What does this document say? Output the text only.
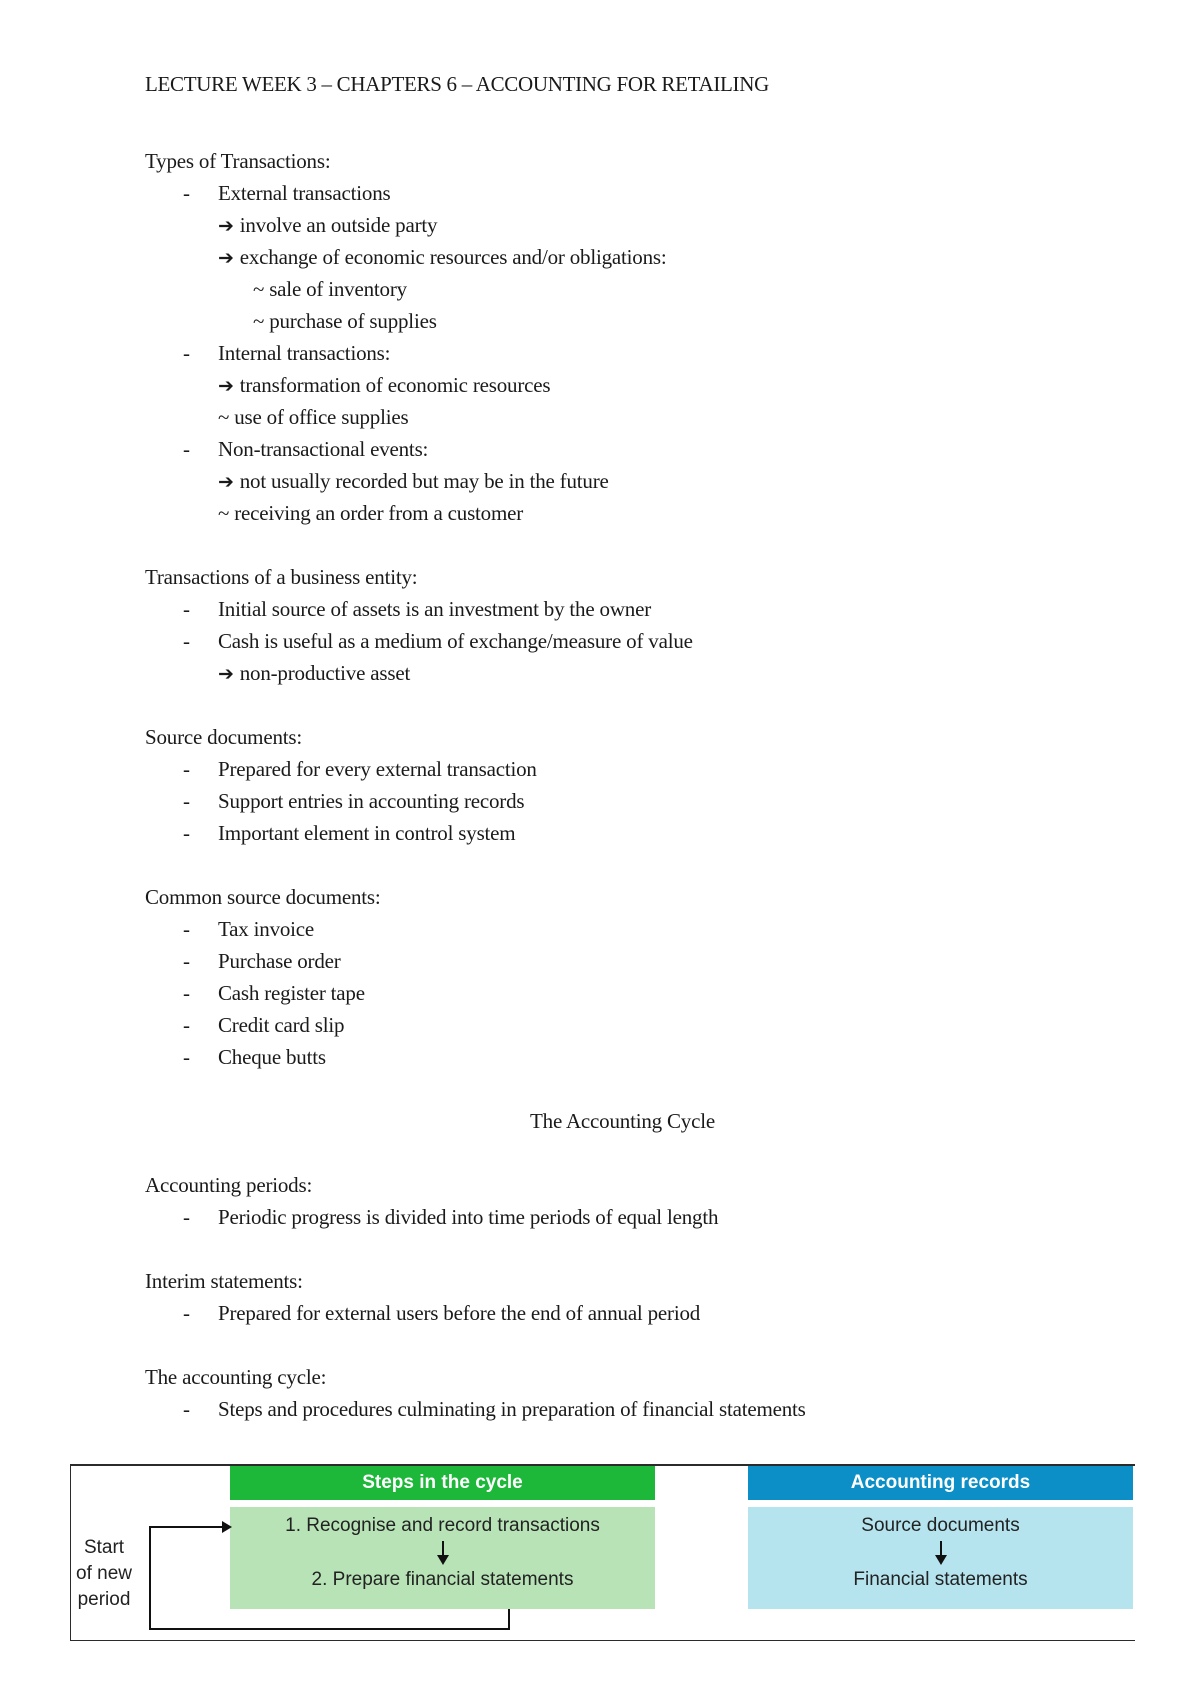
LECTURE WEEK 3 – CHAPTERS 6 – ACCOUNTING FOR RETAILING
Types of Transactions:
- External transactions
➔ involve an outside party
➔ exchange of economic resources and/or obligations:
~ sale of inventory
~ purchase of supplies
- Internal transactions:
➔ transformation of economic resources
~ use of office supplies
- Non-transactional events:
➔ not usually recorded but may be in the future
~ receiving an order from a customer
Transactions of a business entity:
- Initial source of assets is an investment by the owner
- Cash is useful as a medium of exchange/measure of value
➔ non-productive asset
Source documents:
- Prepared for every external transaction
- Support entries in accounting records
- Important element in control system
Common source documents:
- Tax invoice
- Purchase order
- Cash register tape
- Credit card slip
- Cheque butts
The Accounting Cycle
Accounting periods:
- Periodic progress is divided into time periods of equal length
Interim statements:
- Prepared for external users before the end of annual period
The accounting cycle:
- Steps and procedures culminating in preparation of financial statements
Steps in the cycle	Accounting records
1. Recognise and record transactions
2. Prepare financial statements
Source documents
Financial statements
Start
of new
period
